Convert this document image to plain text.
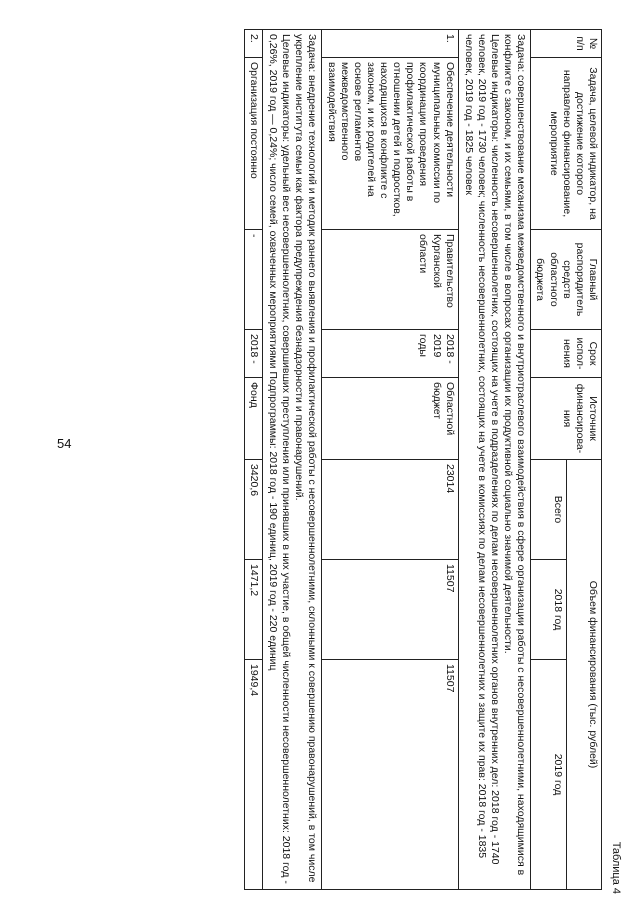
54
Таблица 4
№ п/п	Задача, целевой индикатор, на достижение которого направлено финансирование, мероприятие	Главный распорядитель средств областного бюджета	Срок испол-нения	Источник финансирова-ния	Объем финансирования (тыс. рублей)		
					Всего	2018 год	2019 год

Задача: совершенствование механизма межведомственного и внутриотраслевого взаимодействия в сфере организации работы с несовершеннолетними, находящимися в конфликте с законом, и их семьями, в том числе в вопросах организации их продуктивной социально значимой деятельности.
Целевые индикаторы: численность несовершеннолетних, состоящих на учете в подразделениях по делам несовершеннолетних органов внутренних дел: 2018 год - 1740 человек, 2019 год - 1730 человек; численность несовершеннолетних, состоящих на учете в комиссиях по делам несовершеннолетних и защите их прав: 2018 год - 1835 человек, 2019 год - 1825 человек							

1.	Обеспечение деятельности муниципальных комиссии по координации проведения профилактической работы в отношении детей и подростков, находящихся в конфликте с законом, и их родителей на основе регламентов межведомственного взаимодействия	Правительство Курганской области	2018 - 2019 годы	Областной бюджет	23014	11507	11507

Задача: внедрение технологий и методик раннего выявления и профилактической работы с несовершеннолетними, склонными к совершению правонарушений, в том числе укрепление института семьи как фактора предупреждения безнадзорности и правонарушений.
Целевые индикаторы: удельный вес несовершеннолетних, совершивших преступления или принявших в них участие, в общей численности несовершеннолетних: 2018 год - 0,26%, 2019 год — 0,24%; число семей, охваченных мероприятиями Подпрограммы: 2018 год - 190 единиц, 2019 год - 220 единиц							

2.	Организация постоянно	-	2018 -	Фонд	3420,6	1471,2	1949,4
